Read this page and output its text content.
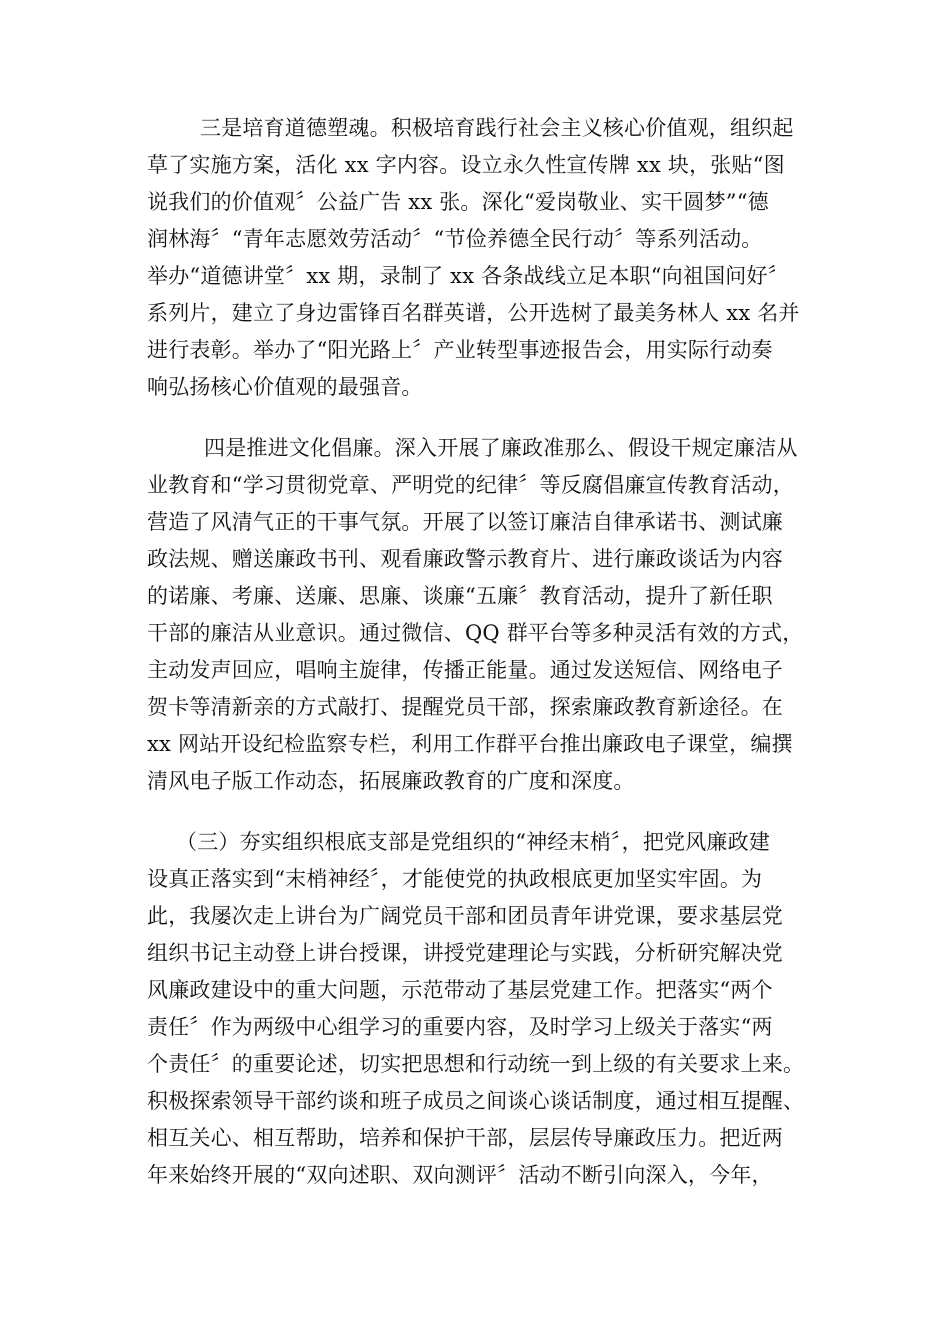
三是培育道德塑魂。积极培育践行社会主义核心价值观，组织起
草了实施方案，活化 xx 字内容。设立永久性宣传牌 xx 块，张贴“图
说我们的价值观〞公益广告 xx 张。深化“爱岗敬业、实干圆梦”“德
润林海〞“青年志愿效劳活动〞“节俭养德全民行动〞等系列活动。
举办“道德讲堂〞xx 期，录制了 xx 各条战线立足本职“向祖国问好〞
系列片，建立了身边雷锋百名群英谱，公开选树了最美务林人 xx 名并
进行表彰。举办了“阳光路上〞产业转型事迹报告会，用实际行动奏
响弘扬核心价值观的最强音。
四是推进文化倡廉。深入开展了廉政准那么、假设干规定廉洁从
业教育和“学习贯彻党章、严明党的纪律〞等反腐倡廉宣传教育活动，
营造了风清气正的干事气氛。开展了以签订廉洁自律承诺书、测试廉
政法规、赠送廉政书刊、观看廉政警示教育片、进行廉政谈话为内容
的诺廉、考廉、送廉、思廉、谈廉“五廉〞教育活动，提升了新任职
干部的廉洁从业意识。通过微信、QQ 群平台等多种灵活有效的方式，
主动发声回应，唱响主旋律，传播正能量。通过发送短信、网络电子
贺卡等清新亲的方式敲打、提醒党员干部，探索廉政教育新途径。在
xx 网站开设纪检监察专栏，利用工作群平台推出廉政电子课堂，编撰
清风电子版工作动态，拓展廉政教育的广度和深度。
（三）夯实组织根底支部是党组织的“神经末梢〞，把党风廉政建
设真正落实到“末梢神经〞，才能使党的执政根底更加坚实牢固。为
此，我屡次走上讲台为广阔党员干部和团员青年讲党课，要求基层党
组织书记主动登上讲台授课，讲授党建理论与实践，分析研究解决党
风廉政建设中的重大问题，示范带动了基层党建工作。把落实“两个
责任〞作为两级中心组学习的重要内容，及时学习上级关于落实“两
个责任〞的重要论述，切实把思想和行动统一到上级的有关要求上来。
积极探索领导干部约谈和班子成员之间谈心谈话制度，通过相互提醒、
相互关心、相互帮助，培养和保护干部，层层传导廉政压力。把近两
年来始终开展的“双向述职、双向测评〞活动不断引向深入，今年，
